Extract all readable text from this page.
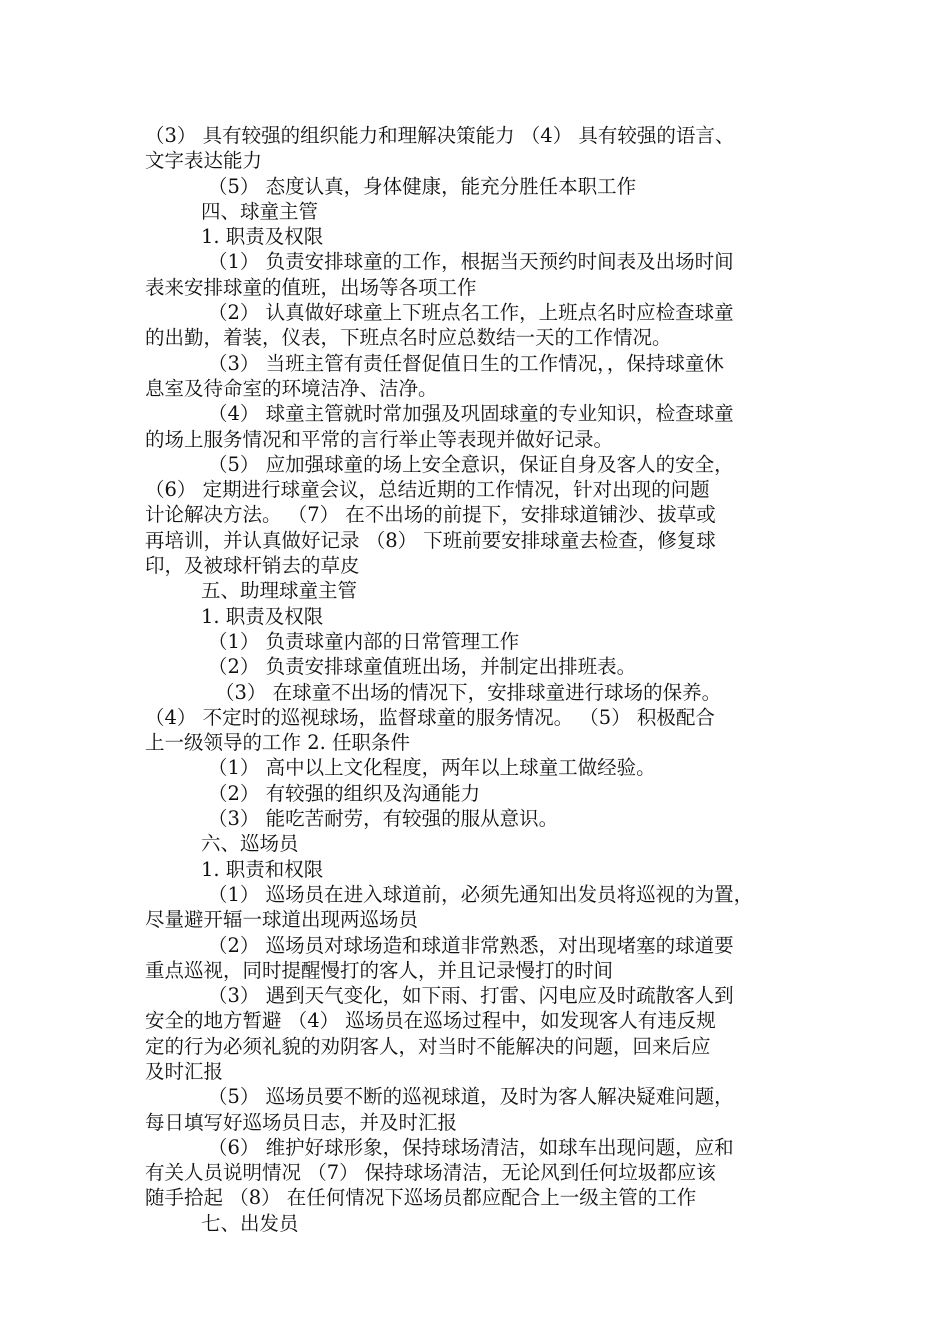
（3） 具有较强的组织能力和理解决策能力 （4） 具有较强的语言、
文字表达能力
（5） 态度认真，身体健康，能充分胜任本职工作
四、球童主管
1. 职责及权限
（1） 负责安排球童的工作，根据当天预约时间表及出场时间
表来安排球童的值班，出场等各项工作
（2） 认真做好球童上下班点名工作，上班点名时应检查球童
的出勤，着装，仪表，下班点名时应总数结一天的工作情况。
（3） 当班主管有责任督促值日生的工作情况，，保持球童休
息室及待命室的环境洁净、洁净。
（4） 球童主管就时常加强及巩固球童的专业知识，检查球童
的场上服务情况和平常的言行举止等表现并做好记录。
（5） 应加强球童的场上安全意识，保证自身及客人的安全，
（6） 定期进行球童会议，总结近期的工作情况，针对出现的问题
计论解决方法。 （7） 在不出场的前提下，安排球道铺沙、拔草或
再培训，并认真做好记录 （8） 下班前要安排球童去检查，修复球
印，及被球杆销去的草皮
五、助理球童主管
1. 职责及权限
（1） 负责球童内部的日常管理工作
（2） 负责安排球童值班出场，并制定出排班表。
（3） 在球童不出场的情况下，安排球童进行球场的保养。
（4） 不定时的巡视球场，监督球童的服务情况。 （5） 积极配合
上一级领导的工作 2. 任职条件
（1） 高中以上文化程度，两年以上球童工做经验。
（2） 有较强的组织及沟通能力
（3） 能吃苦耐劳，有较强的服从意识。
六、巡场员
1. 职责和权限
（1） 巡场员在进入球道前，必须先通知出发员将巡视的为置，
尽量避开辐一球道出现两巡场员
（2） 巡场员对球场造和球道非常熟悉，对出现堵塞的球道要
重点巡视，同时提醒慢打的客人，并且记录慢打的时间
（3） 遇到天气变化，如下雨、打雷、闪电应及时疏散客人到
安全的地方暂避 （4） 巡场员在巡场过程中，如发现客人有违反规
定的行为必须礼貌的劝阴客人，对当时不能解决的问题，回来后应
及时汇报
（5） 巡场员要不断的巡视球道，及时为客人解决疑难问题，
每日填写好巡场员日志，并及时汇报
（6） 维护好球形象，保持球场清洁，如球车出现问题，应和
有关人员说明情况 （7） 保持球场清洁，无论风到任何垃圾都应该
随手拾起 （8） 在任何情况下巡场员都应配合上一级主管的工作
七、出发员
